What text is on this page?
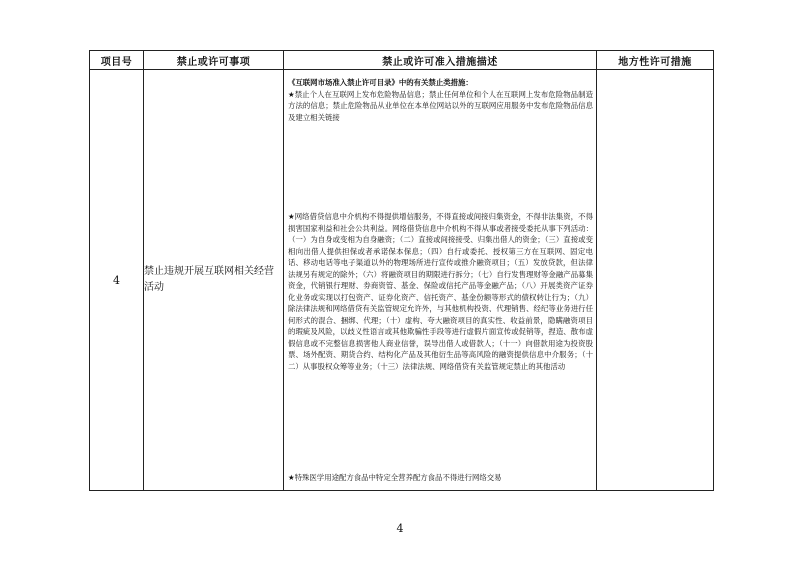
项目号	禁止或许可事项	禁止或许可准入措施描述	地方性许可措施
4	禁止违规开展互联网相关经营活动	《互联网市场准入禁止许可目录》中的有关禁止类措施：
★禁止个人在互联网上发布危险物品信息；禁止任何单位和个人在互联网上发布危险物品制造方法的信息；禁止危险物品从业单位在本单位网站以外的互联网应用服务中发布危险物品信息及建立相关链接
★网络借贷信息中介机构不得提供增信服务，不得直接或间接归集资金，不得非法集资，不得损害国家利益和社会公共利益。网络借贷信息中介机构不得从事或者接受委托从事下列活动：（一）为自身或变相为自身融资；（二）直接或间接接受、归集出借人的资金；（三）直接或变相向出借人提供担保或者承诺保本保息；（四）自行或委托、授权第三方在互联网、固定电话、移动电话等电子渠道以外的物理场所进行宣传或推介融资项目；（五）发放贷款，但法律法规另有规定的除外；（六）将融资项目的期限进行拆分；（七）自行发售理财等金融产品募集资金，代销银行理财、券商资管、基金、保险或信托产品等金融产品；（八）开展类资产证券化业务或实现以打包资产、证券化资产、信托资产、基金份额等形式的债权转让行为；（九）除法律法规和网络借贷有关监管规定允许外，与其他机构投资、代理销售、经纪等业务进行任何形式的混合、捆绑、代理；（十）虚构、夸大融资项目的真实性、收益前景，隐瞒融资项目的瑕疵及风险，以歧义性语言或其他欺骗性手段等进行虚假片面宣传或促销等，捏造、散布虚假信息或不完整信息损害他人商业信誉，误导出借人或借款人；（十一）向借款用途为投资股票、场外配资、期货合约、结构化产品及其他衍生品等高风险的融资提供信息中介服务；（十二）从事股权众筹等业务；（十三）法律法规、网络借贷有关监管规定禁止的其他活动
★特殊医学用途配方食品中特定全营养配方食品不得进行网络交易	

4
